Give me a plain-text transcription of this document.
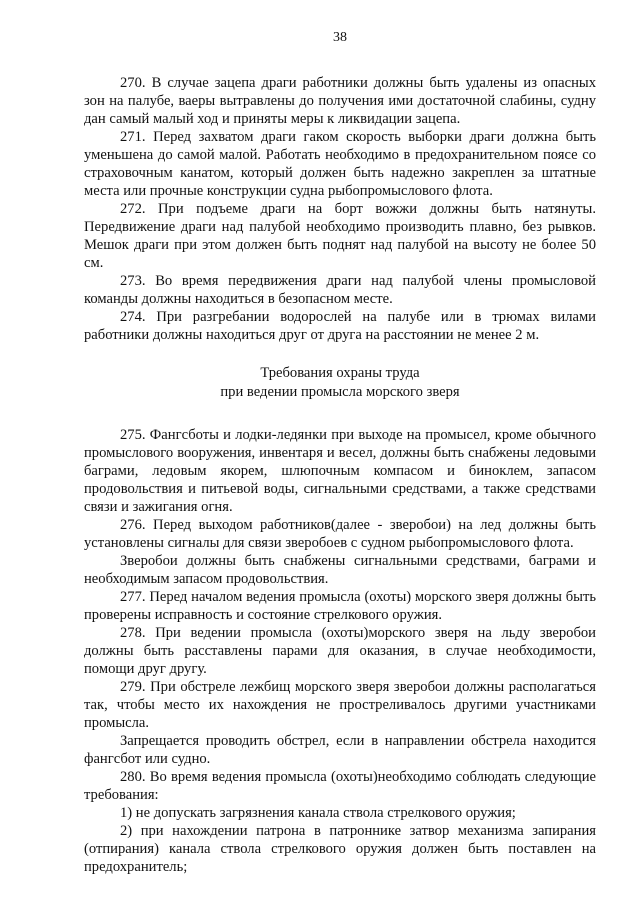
38

270. В случае зацепа драги работники должны быть удалены из опасных зон на палубе, ваеры вытравлены до получения ими достаточной слабины, судну дан самый малый ход и приняты меры к ликвидации зацепа.

271. Перед захватом драги гаком скорость выборки драги должна быть уменьшена до самой малой. Работать необходимо в предохранительном поясе со страховочным канатом, который должен быть надежно закреплен за штатные места или прочные конструкции судна рыбопромыслового флота.

272. При подъеме драги на борт вожжи должны быть натянуты. Передвижение драги над палубой необходимо производить плавно, без рывков. Мешок драги при этом должен быть поднят над палубой на высоту не более 50 см.

273. Во время передвижения драги над палубой члены промысловой команды должны находиться в безопасном месте.

274. При разгребании водорослей на палубе или в трюмах вилами работники должны находиться друг от друга на расстоянии не менее 2 м.

Требования охраны труда
при ведении промысла морского зверя

275. Фангсботы и лодки-ледянки при выходе на промысел, кроме обычного промыслового вооружения, инвентаря и весел, должны быть снабжены ледовыми баграми, ледовым якорем, шлюпочным компасом и биноклем, запасом продовольствия и питьевой воды, сигнальными средствами, а также средствами связи и зажигания огня.

276. Перед выходом работников(далее - зверобои) на лед должны быть установлены сигналы для связи зверобоев с судном рыбопромыслового флота.

Зверобои должны быть снабжены сигнальными средствами, баграми и необходимым запасом продовольствия.

277. Перед началом ведения промысла (охоты) морского зверя должны быть проверены исправность и состояние стрелкового оружия.

278. При ведении промысла (охоты)морского зверя на льду зверобои должны быть расставлены парами для оказания, в случае необходимости, помощи друг другу.

279. При обстреле лежбищ морского зверя зверобои должны располагаться так, чтобы место их нахождения не простреливалось другими участниками промысла.

Запрещается проводить обстрел, если в направлении обстрела находится фангсбот или судно.

280. Во время ведения промысла (охоты)необходимо соблюдать следующие требования:

1) не допускать загрязнения канала ствола стрелкового оружия;

2) при нахождении патрона в патроннике затвор механизма запирания (отпирания) канала ствола стрелкового оружия должен быть поставлен на предохранитель;
